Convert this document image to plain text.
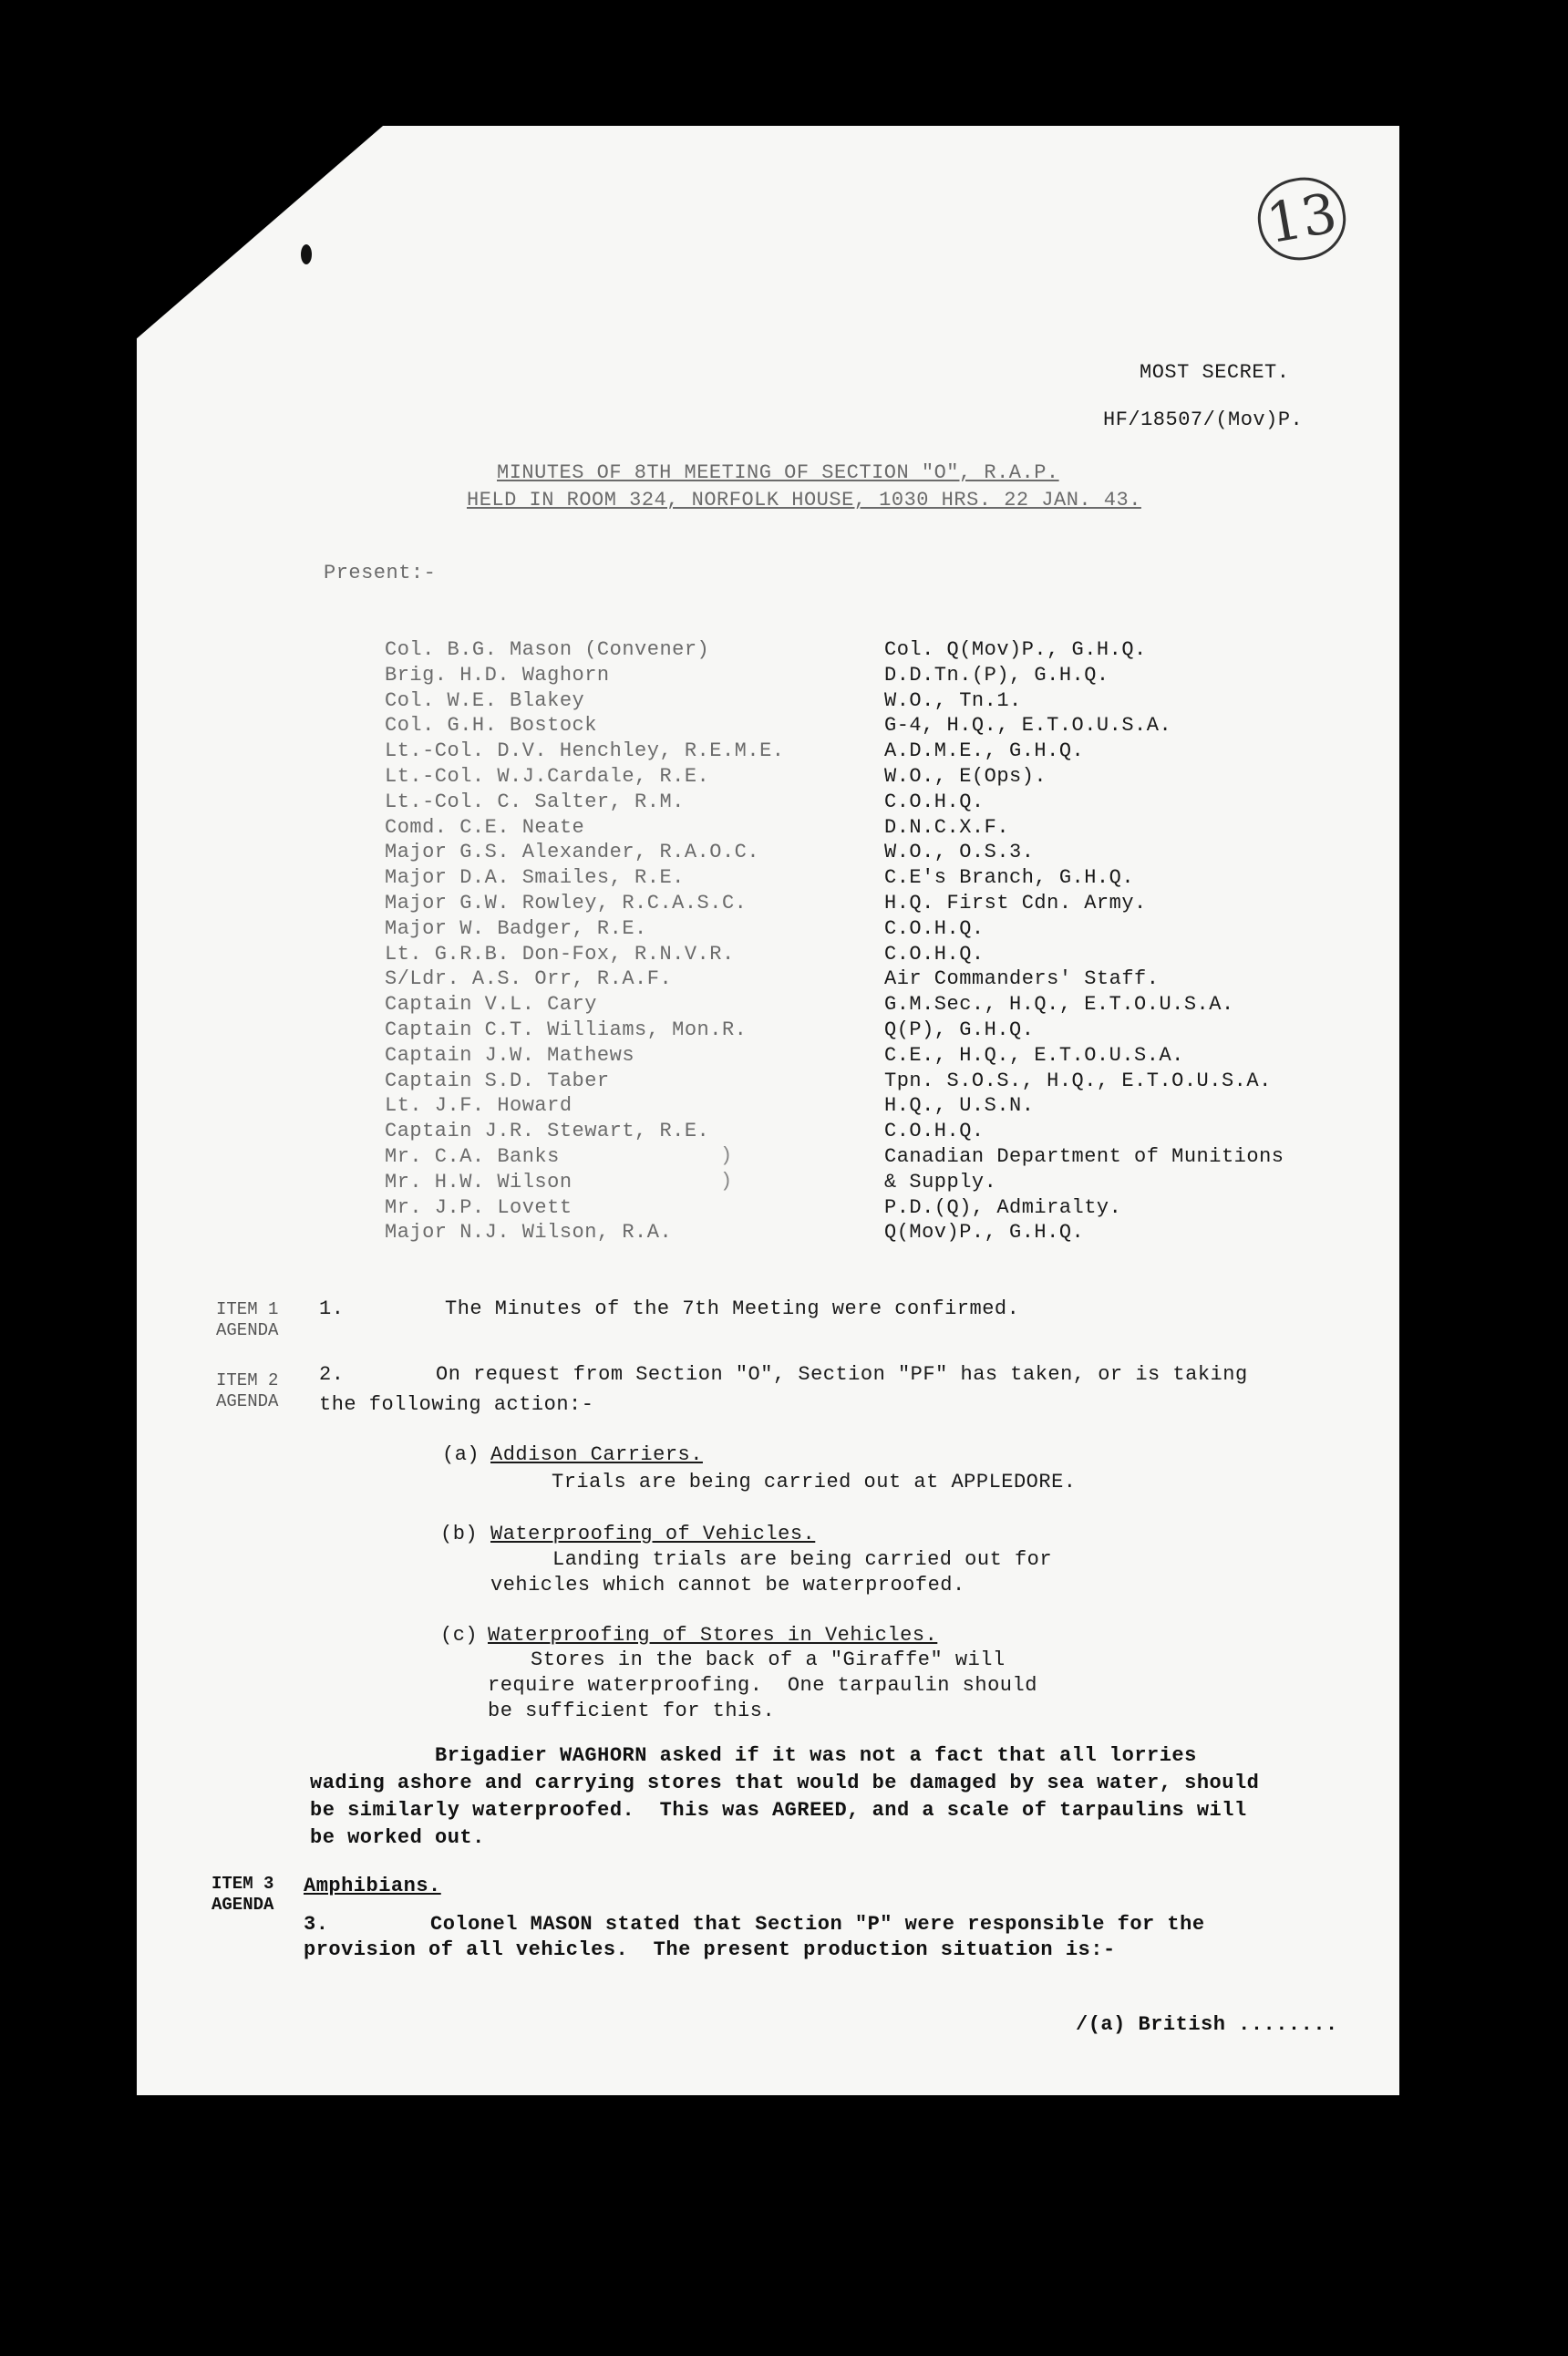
13
MOST SECRET.
HF/18507/(Mov)P.
MINUTES OF 8TH MEETING OF SECTION "O", R.A.P.
HELD IN ROOM 324, NORFOLK HOUSE, 1030 HRS. 22 JAN. 43.
Present:-
Col. B.G. Mason (Convener)	Col. Q(Mov)P., G.H.Q.
Brig. H.D. Waghorn	D.D.Tn.(P), G.H.Q.
Col. W.E. Blakey	W.O., Tn.1.
Col. G.H. Bostock	G-4, H.Q., E.T.O.U.S.A.
Lt.-Col. D.V. Henchley, R.E.M.E.	A.D.M.E., G.H.Q.
Lt.-Col. W.J.Cardale, R.E.	W.O., E(Ops).
Lt.-Col. C. Salter, R.M.	C.O.H.Q.
Comd. C.E. Neate	D.N.C.X.F.
Major G.S. Alexander, R.A.O.C.	W.O., O.S.3.
Major D.A. Smailes, R.E.	C.E's Branch, G.H.Q.
Major G.W. Rowley, R.C.A.S.C.	H.Q. First Cdn. Army.
Major W. Badger, R.E.	C.O.H.Q.
Lt. G.R.B. Don-Fox, R.N.V.R.	C.O.H.Q.
S/Ldr. A.S. Orr, R.A.F.	Air Commanders' Staff.
Captain V.L. Cary	G.M.Sec., H.Q., E.T.O.U.S.A.
Captain C.T. Williams, Mon.R.	Q(P), G.H.Q.
Captain J.W. Mathews	C.E., H.Q., E.T.O.U.S.A.
Captain S.D. Taber	Tpn. S.O.S., H.Q., E.T.O.U.S.A.
Lt. J.F. Howard	H.Q., U.S.N.
Captain J.R. Stewart, R.E.	C.O.H.Q.
Mr. C.A. Banks	Canadian Department of Munitions
Mr. H.W. Wilson	& Supply.
Mr. J.P. Lovett	P.D.(Q), Admiralty.
Major N.J. Wilson, R.A.	Q(Mov)P., G.H.Q.
)
)
ITEM 1
AGENDA
1.	The Minutes of the 7th Meeting were confirmed.
ITEM 2
AGENDA
2.	On request from Section "O", Section "PF" has taken, or is taking
the following action:-
(a) Addison Carriers.
Trials are being carried out at APPLEDORE.
(b) Waterproofing of Vehicles.
Landing trials are being carried out for
vehicles which cannot be waterproofed.
(c) Waterproofing of Stores in Vehicles.
Stores in the back of a "Giraffe" will
require waterproofing.  One tarpaulin should
be sufficient for this.
Brigadier WAGHORN asked if it was not a fact that all lorries
wading ashore and carrying stores that would be damaged by sea water, should
be similarly waterproofed.  This was AGREED, and a scale of tarpaulins will
be worked out.
ITEM 3
AGENDA
Amphibians.
3.	Colonel MASON stated that Section "P" were responsible for the
provision of all vehicles.  The present production situation is:-
/(a) British ........
